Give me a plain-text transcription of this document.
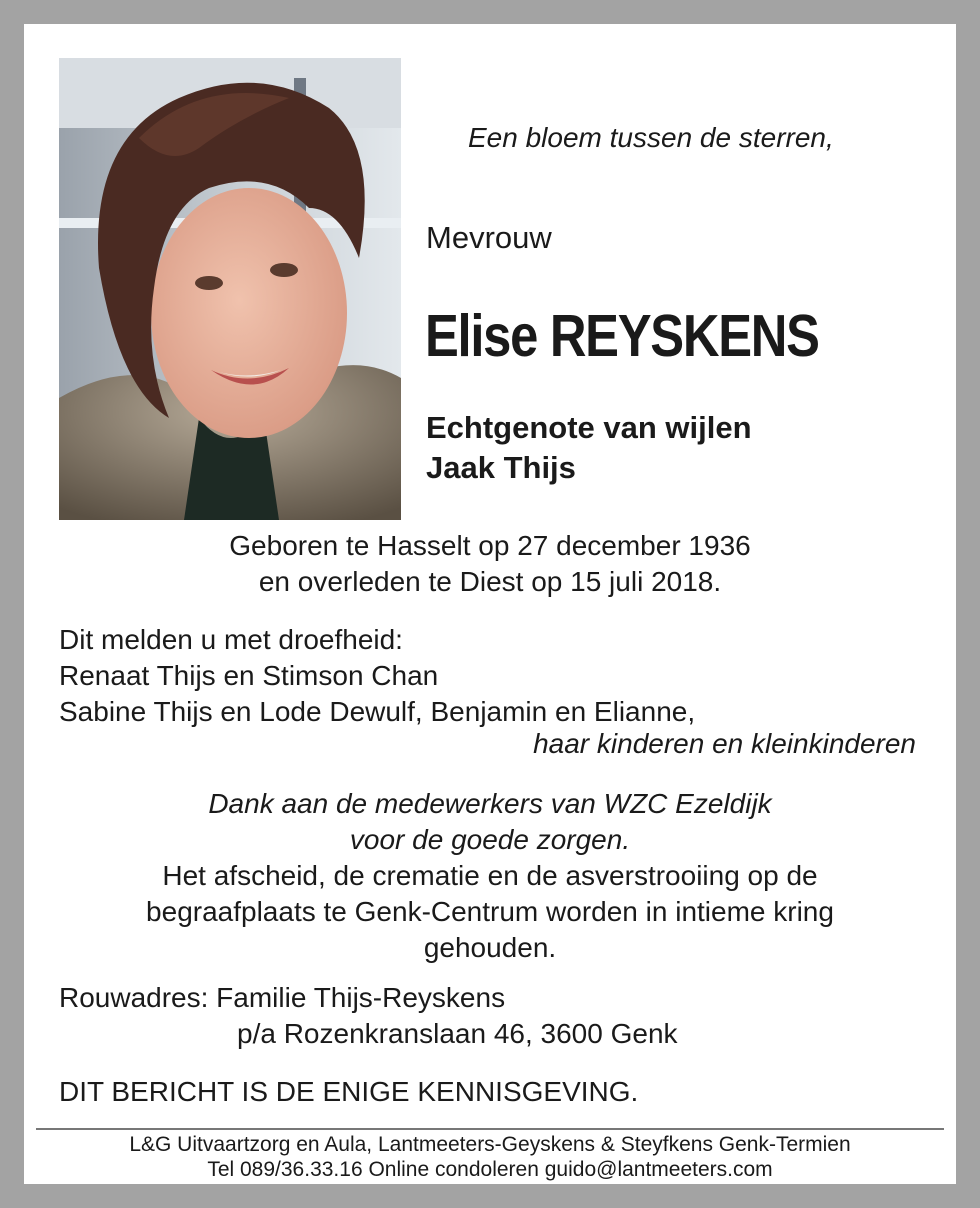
Een bloem tussen de sterren,
Mevrouw
Elise REYSKENS
Echtgenote van wijlen
Jaak Thijs
Geboren te Hasselt op 27 december 1936
en overleden te Diest op 15 juli 2018.
Dit melden u met droefheid:
Renaat Thijs en Stimson Chan
Sabine Thijs en Lode Dewulf, Benjamin en Elianne,
haar kinderen en kleinkinderen
Dank aan de medewerkers van WZC Ezeldijk
voor de goede zorgen.
Het afscheid, de crematie en de asverstrooiing op de
begraafplaats te Genk-Centrum worden in intieme kring
gehouden.
Rouwadres: Familie Thijs-Reyskens
p/a Rozenkranslaan 46, 3600 Genk
DIT BERICHT IS DE ENIGE KENNISGEVING.
L&G Uitvaartzorg en Aula, Lantmeeters-Geyskens & Steyfkens Genk-Termien
Tel 089/36.33.16 Online condoleren guido@lantmeeters.com
